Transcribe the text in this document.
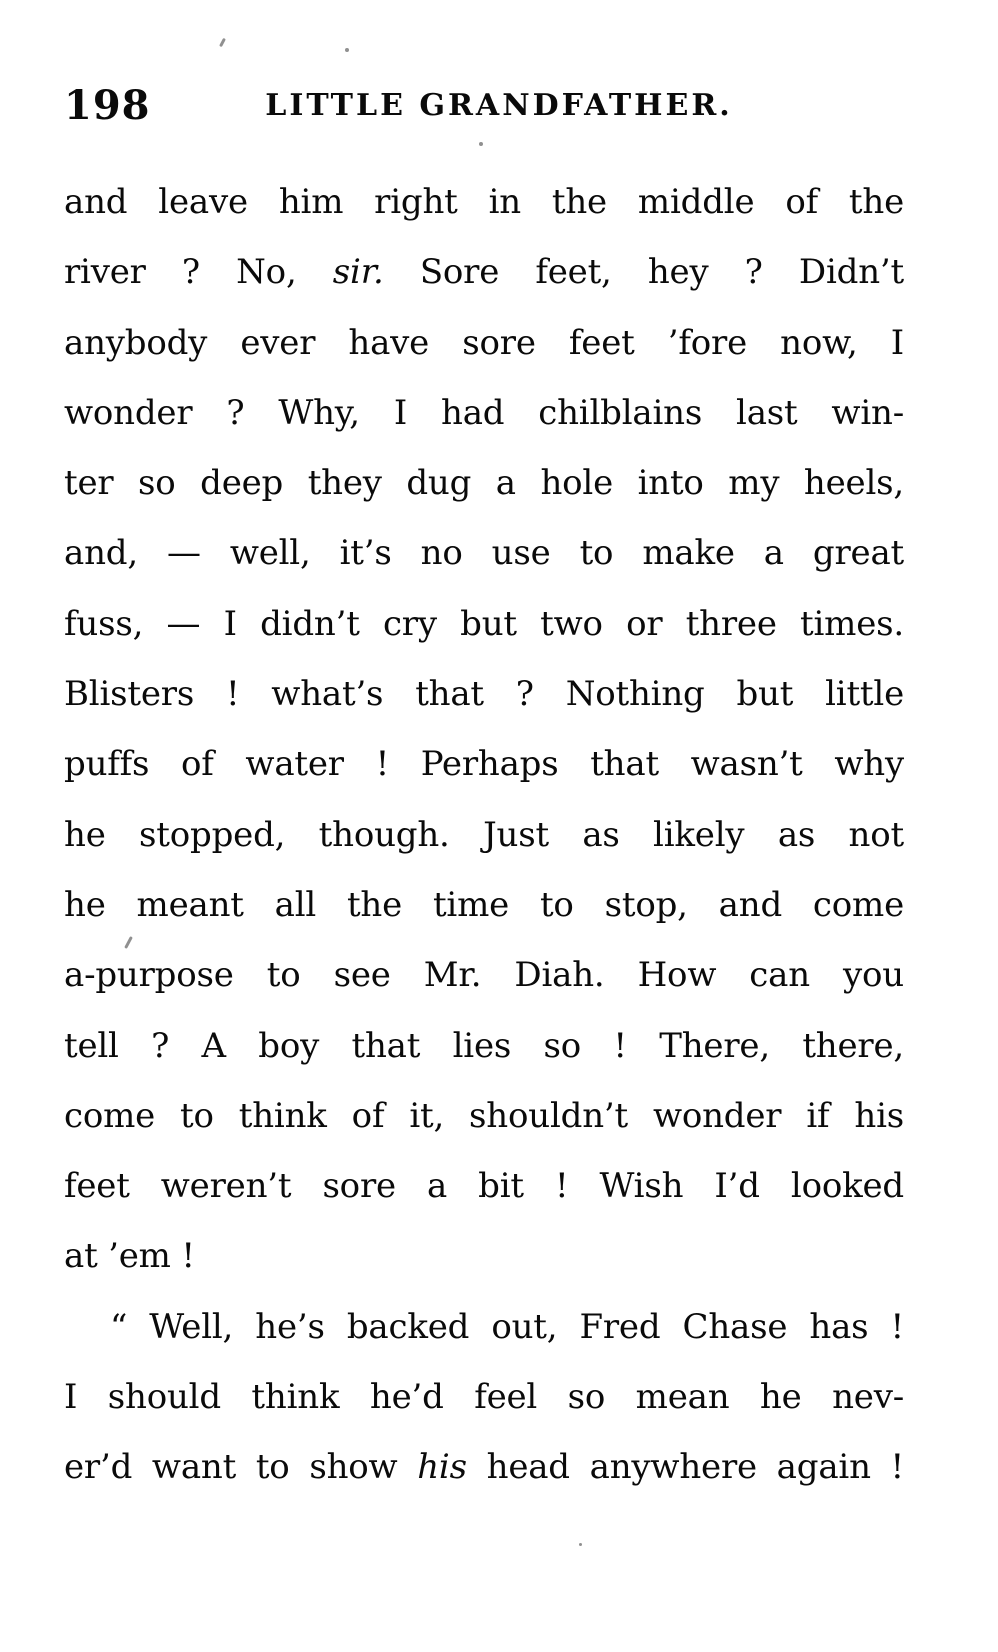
198	LITTLE GRANDFATHER.
and leave him right in the middle of the
river ? No, sir. Sore feet, hey ? Didn’t
anybody ever have sore feet ’fore now, I
wonder ? Why, I had chilblains last win-
ter so deep they dug a hole into my heels,
and, — well, it’s no use to make a great
fuss, — I didn’t cry but two or three times.
Blisters ! what’s that ? Nothing but little
puffs of water ! Perhaps that wasn’t why
he stopped, though. Just as likely as not
he meant all the time to stop, and come
a-purpose to see Mr. Diah. How can you
tell ? A boy that lies so ! There, there,
come to think of it, shouldn’t wonder if his
feet weren’t sore a bit ! Wish I’d looked
at ’em !
“ Well, he’s backed out, Fred Chase has !
I should think he’d feel so mean he nev-
er’d want to show his head anywhere again !
